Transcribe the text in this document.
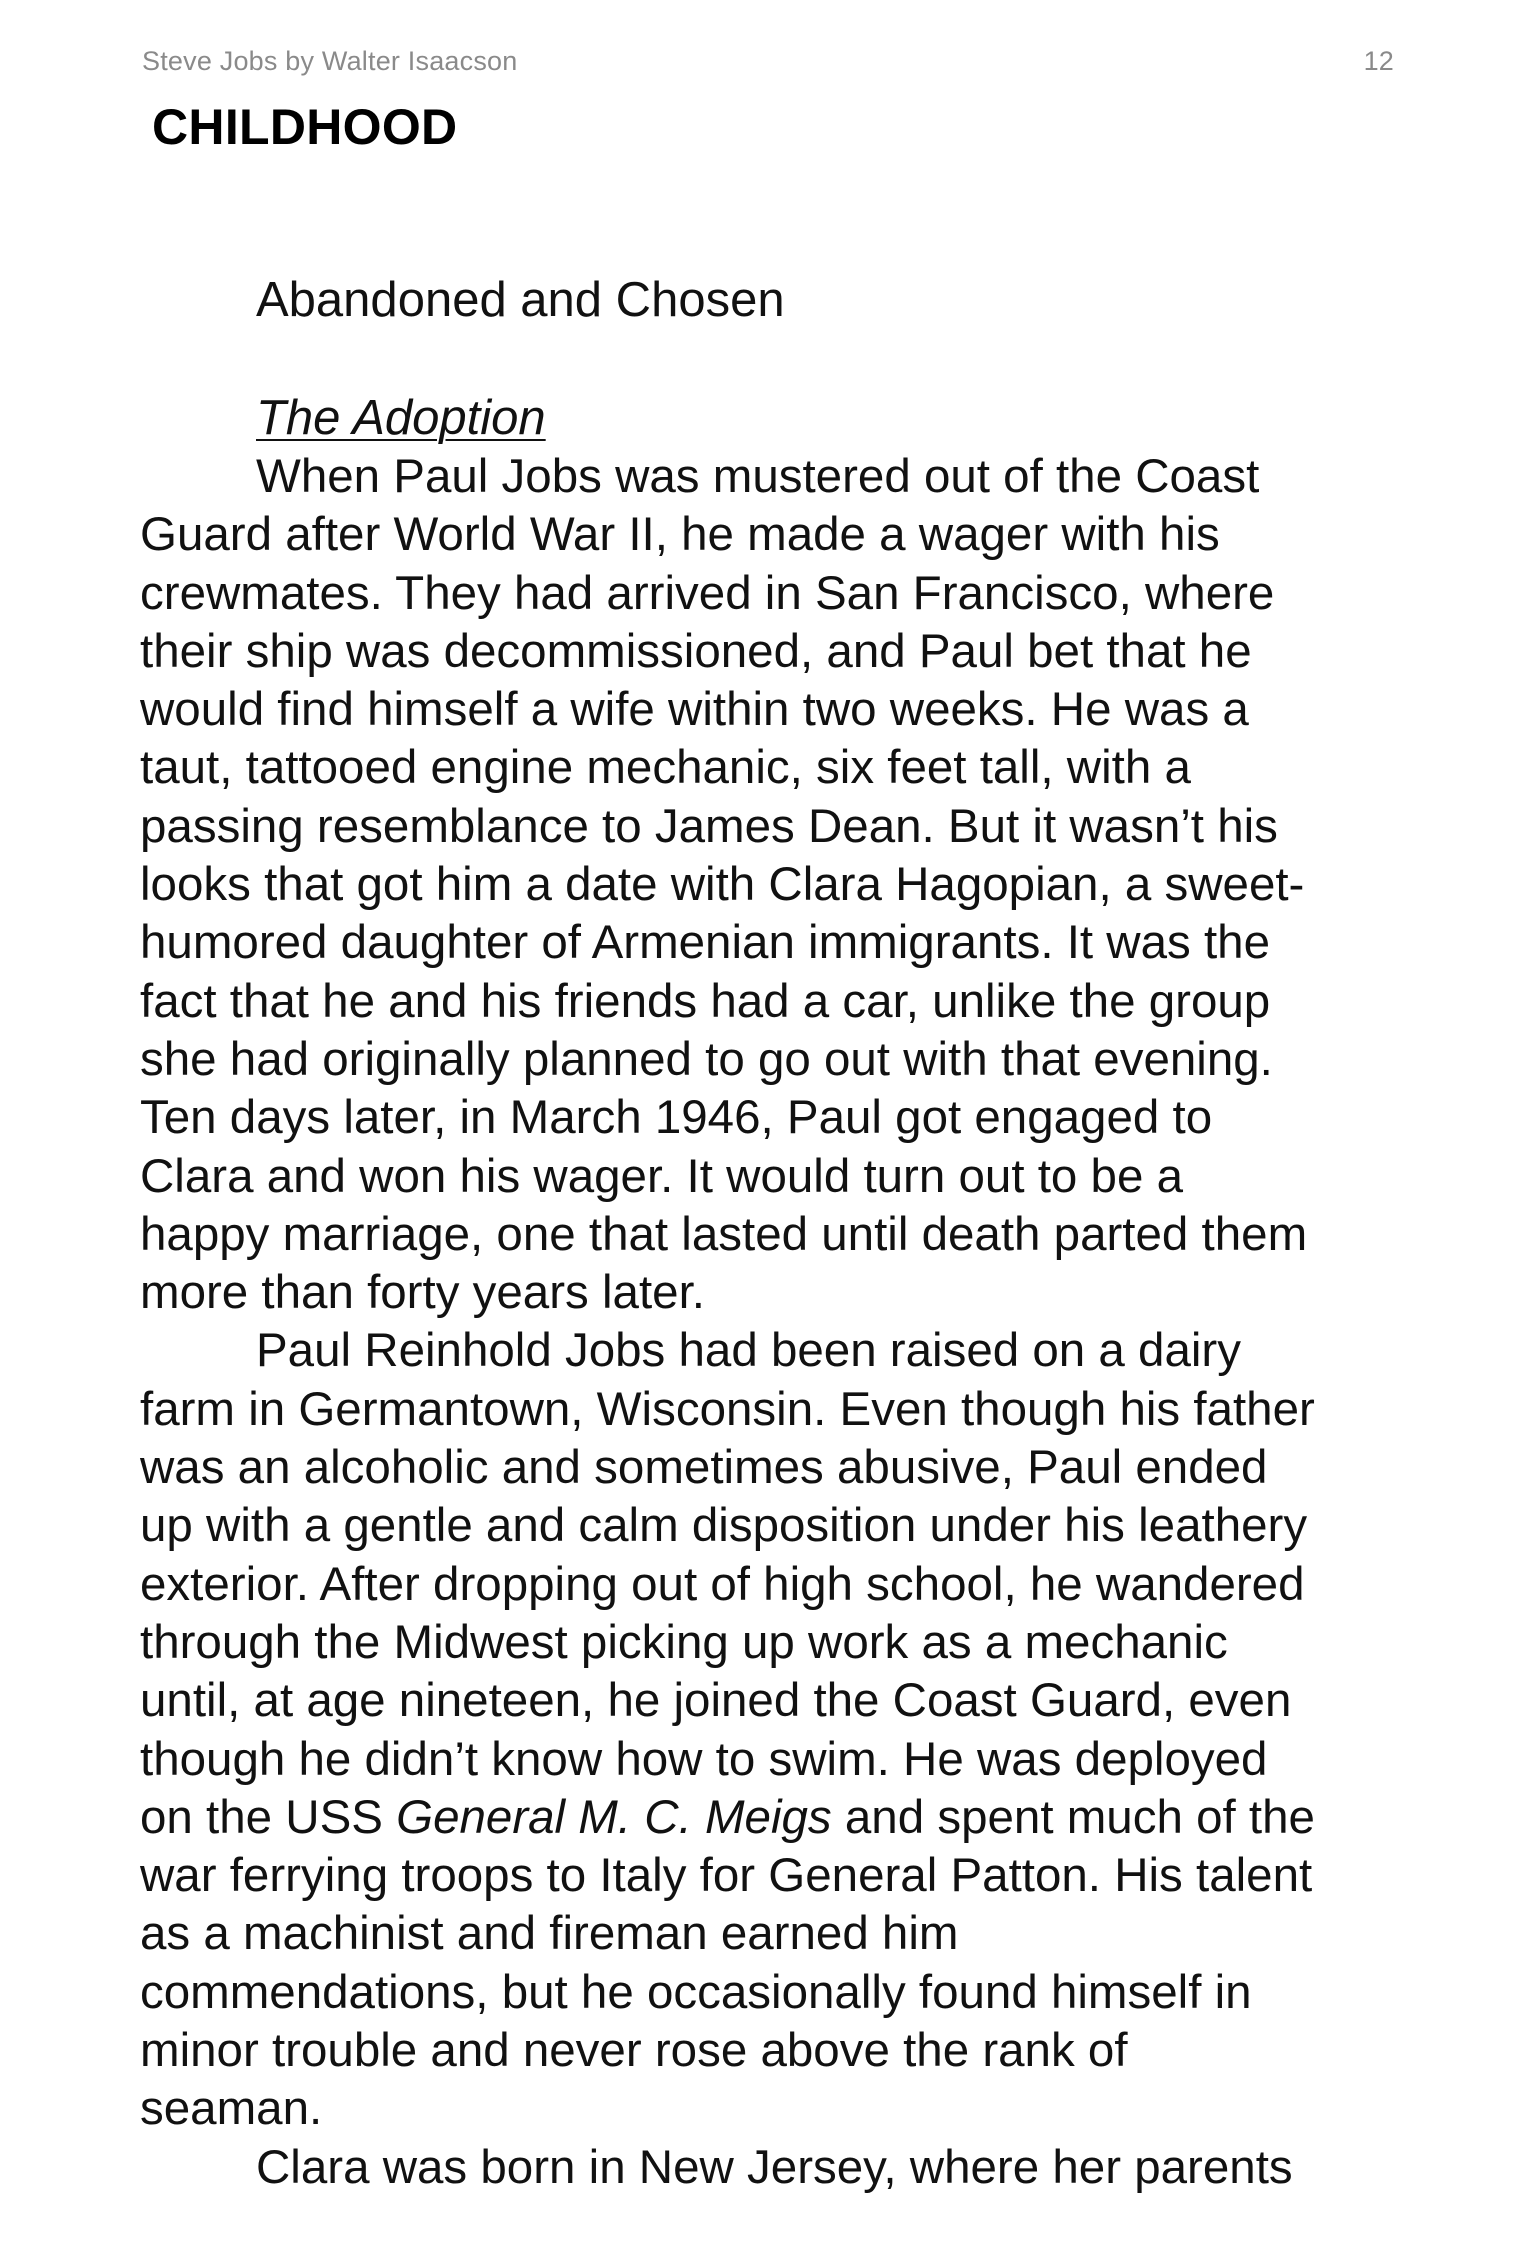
Steve Jobs by Walter Isaacson	12
CHILDHOOD
Abandoned and Chosen
The Adoption

When Paul Jobs was mustered out of the Coast
Guard after World War II, he made a wager with his
crewmates. They had arrived in San Francisco, where
their ship was decommissioned, and Paul bet that he
would find himself a wife within two weeks. He was a
taut, tattooed engine mechanic, six feet tall, with a
passing resemblance to James Dean. But it wasn’t his
looks that got him a date with Clara Hagopian, a sweet-
humored daughter of Armenian immigrants. It was the
fact that he and his friends had a car, unlike the group
she had originally planned to go out with that evening.
Ten days later, in March 1946, Paul got engaged to
Clara and won his wager. It would turn out to be a
happy marriage, one that lasted until death parted them
more than forty years later.

Paul Reinhold Jobs had been raised on a dairy
farm in Germantown, Wisconsin. Even though his father
was an alcoholic and sometimes abusive, Paul ended
up with a gentle and calm disposition under his leathery
exterior. After dropping out of high school, he wandered
through the Midwest picking up work as a mechanic
until, at age nineteen, he joined the Coast Guard, even
though he didn’t know how to swim. He was deployed
on the USS General M. C. Meigs and spent much of the
war ferrying troops to Italy for General Patton. His talent
as a machinist and fireman earned him
commendations, but he occasionally found himself in
minor trouble and never rose above the rank of
seaman.

Clara was born in New Jersey, where her parents
